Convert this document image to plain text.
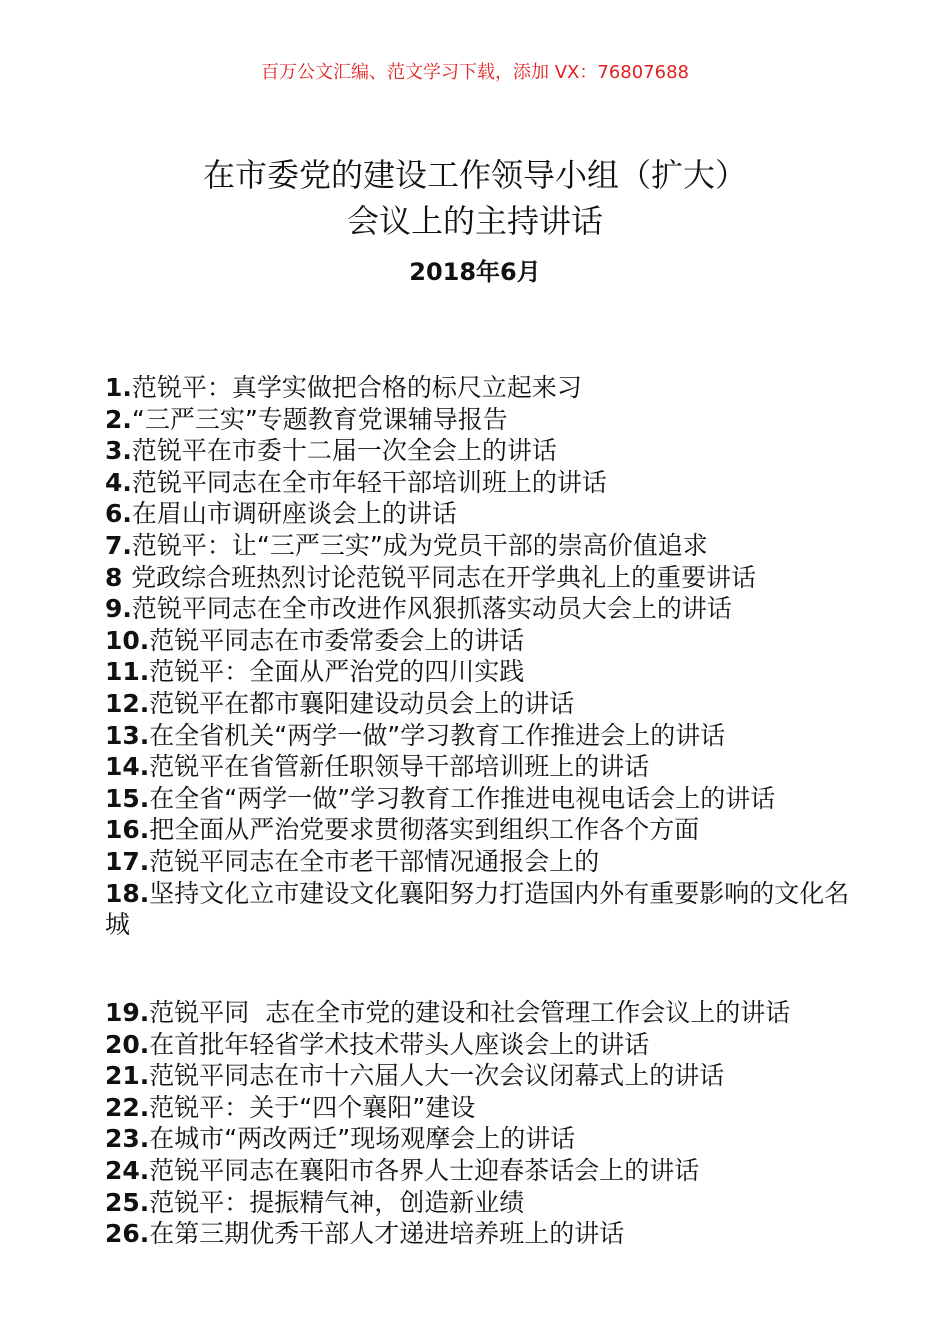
百万公文汇编、范文学习下载，添加 VX：76807688
在市委党的建设工作领导小组（扩大）
会议上的主持讲话
2018年6月

1.范锐平：真学实做把合格的标尺立起来习

2.“三严三实”专题教育党课辅导报告

3.范锐平在市委十二届一次全会上的讲话

4.范锐平同志在全市年轻干部培训班上的讲话

6.在眉山市调研座谈会上的讲话

7.范锐平：让“三严三实”成为党员干部的崇高价值追求

8 党政综合班热烈讨论范锐平同志在开学典礼上的重要讲话

9.范锐平同志在全市改进作风狠抓落实动员大会上的讲话

10.范锐平同志在市委常委会上的讲话

11.范锐平：全面从严治党的四川实践

12.范锐平在都市襄阳建设动员会上的讲话

13.在全省机关“两学一做”学习教育工作推进会上的讲话

14.范锐平在省管新任职领导干部培训班上的讲话

15.在全省“两学一做”学习教育工作推进电视电话会上的讲话

16.把全面从严治党要求贯彻落实到组织工作各个方面

17.范锐平同志在全市老干部情况通报会上的

18.坚持文化立市建设文化襄阳努力打造国内外有重要影响的文化名城

19.范锐平同  志在全市党的建设和社会管理工作会议上的讲话

20.在首批年轻省学术技术带头人座谈会上的讲话

21.范锐平同志在市十六届人大一次会议闭幕式上的讲话

22.范锐平：关于“四个襄阳”建设

23.在城市“两改两迁”现场观摩会上的讲话

24.范锐平同志在襄阳市各界人士迎春茶话会上的讲话

25.范锐平：提振精气神，创造新业绩

26.在第三期优秀干部人才递进培养班上的讲话
